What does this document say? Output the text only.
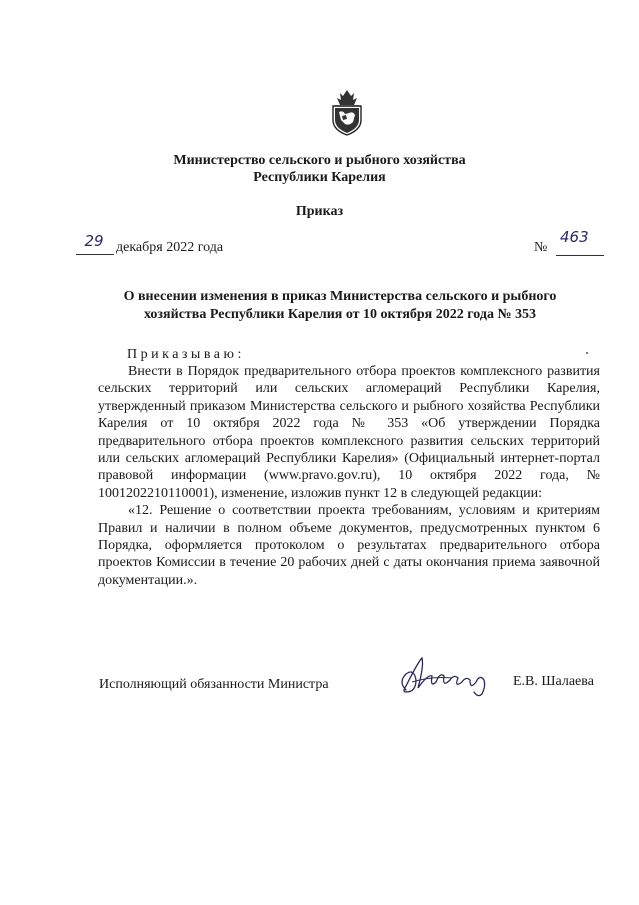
Министерство сельского и рыбного хозяйства
Республики Карелия
Приказ
29 декабря 2022 года	№
463
О внесении изменения в приказ Министерства сельского и рыбного
хозяйства Республики Карелия от 10 октября 2022 года № 353
Приказываю:

Внести в Порядок предварительного отбора проектов комплексного развития сельских территорий или сельских агломераций Республики Карелия, утвержденный приказом Министерства сельского и рыбного хозяйства Республики Карелия от 10 октября 2022 года № 353 «Об утверждении Порядка предварительного отбора проектов комплексного развития сельских территорий или сельских агломераций Республики Карелия» (Официальный интернет-портал правовой информации (www.pravo.gov.ru), 10 октября 2022 года, № 1001202210110001), изменение, изложив пункт 12 в следующей редакции:

«12. Решение о соответствии проекта требованиям, условиям и критериям Правил и наличии в полном объеме документов, предусмотренных пунктом 6 Порядка, оформляется протоколом о результатах предварительного отбора проектов Комиссии в течение 20 рабочих дней с даты окончания приема заявочной документации.».

Исполняющий обязанности Министра	Е.В. Шалаева
